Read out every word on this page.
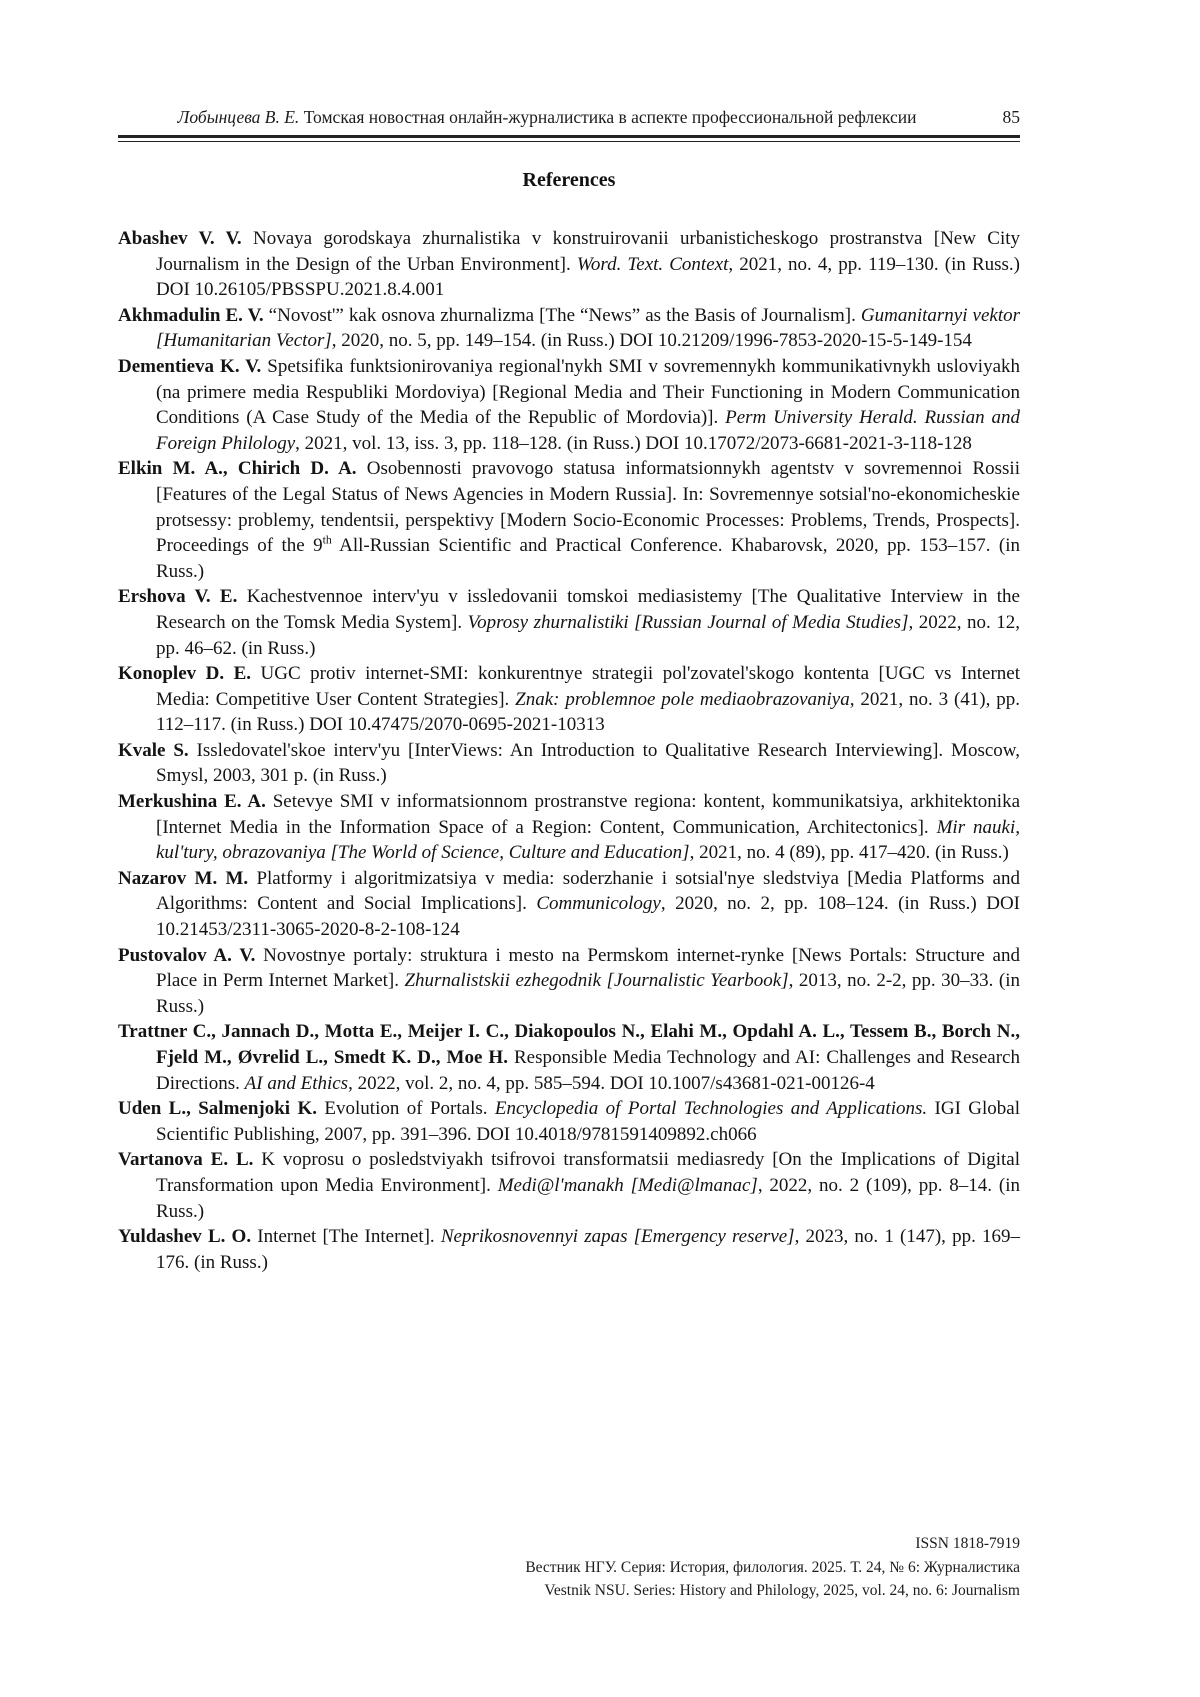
Лобынцева В. Е. Томская новостная онлайн-журналистика в аспекте профессиональной рефлексии	85
References

Abashev V. V. Novaya gorodskaya zhurnalistika v konstruirovanii urbanisticheskogo prostranstva [New City Journalism in the Design of the Urban Environment]. Word. Text. Context, 2021, no. 4, pp. 119–130. (in Russ.) DOI 10.26105/PBSSPU.2021.8.4.001

Akhmadulin E. V. “Novost'” kak osnova zhurnalizma [The “News” as the Basis of Journalism]. Gumanitarnyi vektor [Humanitarian Vector], 2020, no. 5, pp. 149–154. (in Russ.) DOI 10.21209/1996-7853-2020-15-5-149-154

Dementieva K. V. Spetsifika funktsionirovaniya regional'nykh SMI v sovremennykh kommunikativnykh usloviyakh (na primere media Respubliki Mordoviya) [Regional Media and Their Functioning in Modern Communication Conditions (A Case Study of the Media of the Republic of Mordovia)]. Perm University Herald. Russian and Foreign Philology, 2021, vol. 13, iss. 3, pp. 118–128. (in Russ.) DOI 10.17072/2073-6681-2021-3-118-128

Elkin M. A., Chirich D. A. Osobennosti pravovogo statusa informatsionnykh agentstv v sovremennoi Rossii [Features of the Legal Status of News Agencies in Modern Russia]. In: Sovremennye sotsial'no-ekonomicheskie protsessy: problemy, tendentsii, perspektivy [Modern Socio-Economic Processes: Problems, Trends, Prospects]. Proceedings of the 9th All-Russian Scientific and Practical Conference. Khabarovsk, 2020, pp. 153–157. (in Russ.)

Ershova V. E. Kachestvennoe interv'yu v issledovanii tomskoi mediasistemy [The Qualitative Interview in the Research on the Tomsk Media System]. Voprosy zhurnalistiki [Russian Journal of Media Studies], 2022, no. 12, pp. 46–62. (in Russ.)

Konoplev D. E. UGC protiv internet-SMI: konkurentnye strategii pol'zovatel'skogo kontenta [UGC vs Internet Media: Competitive User Content Strategies]. Znak: problemnoe pole mediaobrazovaniya, 2021, no. 3 (41), pp. 112–117. (in Russ.) DOI 10.47475/2070-0695-2021-10313

Kvale S. Issledovatel'skoe interv'yu [InterViews: An Introduction to Qualitative Research Interviewing]. Moscow, Smysl, 2003, 301 p. (in Russ.)

Merkushina E. A. Setevye SMI v informatsionnom prostranstve regiona: kontent, kommunikatsiya, arkhitektonika [Internet Media in the Information Space of a Region: Content, Communication, Architectonics]. Mir nauki, kul'tury, obrazovaniya [The World of Science, Culture and Education], 2021, no. 4 (89), pp. 417–420. (in Russ.)

Nazarov M. M. Platformy i algoritmizatsiya v media: soderzhanie i sotsial'nye sledstviya [Media Platforms and Algorithms: Content and Social Implications]. Communicology, 2020, no. 2, pp. 108–124. (in Russ.) DOI 10.21453/2311-3065-2020-8-2-108-124

Pustovalov A. V. Novostnye portaly: struktura i mesto na Permskom internet-rynke [News Portals: Structure and Place in Perm Internet Market]. Zhurnalistskii ezhegodnik [Journalistic Yearbook], 2013, no. 2-2, pp. 30–33. (in Russ.)

Trattner C., Jannach D., Motta E., Meijer I. C., Diakopoulos N., Elahi M., Opdahl A. L., Tessem B., Borch N., Fjeld M., Øvrelid L., Smedt K. D., Moe H. Responsible Media Technology and AI: Challenges and Research Directions. AI and Ethics, 2022, vol. 2, no. 4, pp. 585–594. DOI 10.1007/s43681-021-00126-4

Uden L., Salmenjoki K. Evolution of Portals. Encyclopedia of Portal Technologies and Applications. IGI Global Scientific Publishing, 2007, pp. 391–396. DOI 10.4018/9781591409892.ch066

Vartanova E. L. K voprosu o posledstviyakh tsifrovoi transformatsii mediasredy [On the Implications of Digital Transformation upon Media Environment]. Medi@l'manakh [Medi@lmanac], 2022, no. 2 (109), pp. 8–14. (in Russ.)

Yuldashev L. O. Internet [The Internet]. Neprikosnovennyi zapas [Emergency reserve], 2023, no. 1 (147), pp. 169–176. (in Russ.)

ISSN 1818-7919
Вестник НГУ. Серия: История, филология. 2025. Т. 24, № 6: Журналистика
Vestnik NSU. Series: History and Philology, 2025, vol. 24, no. 6: Journalism
